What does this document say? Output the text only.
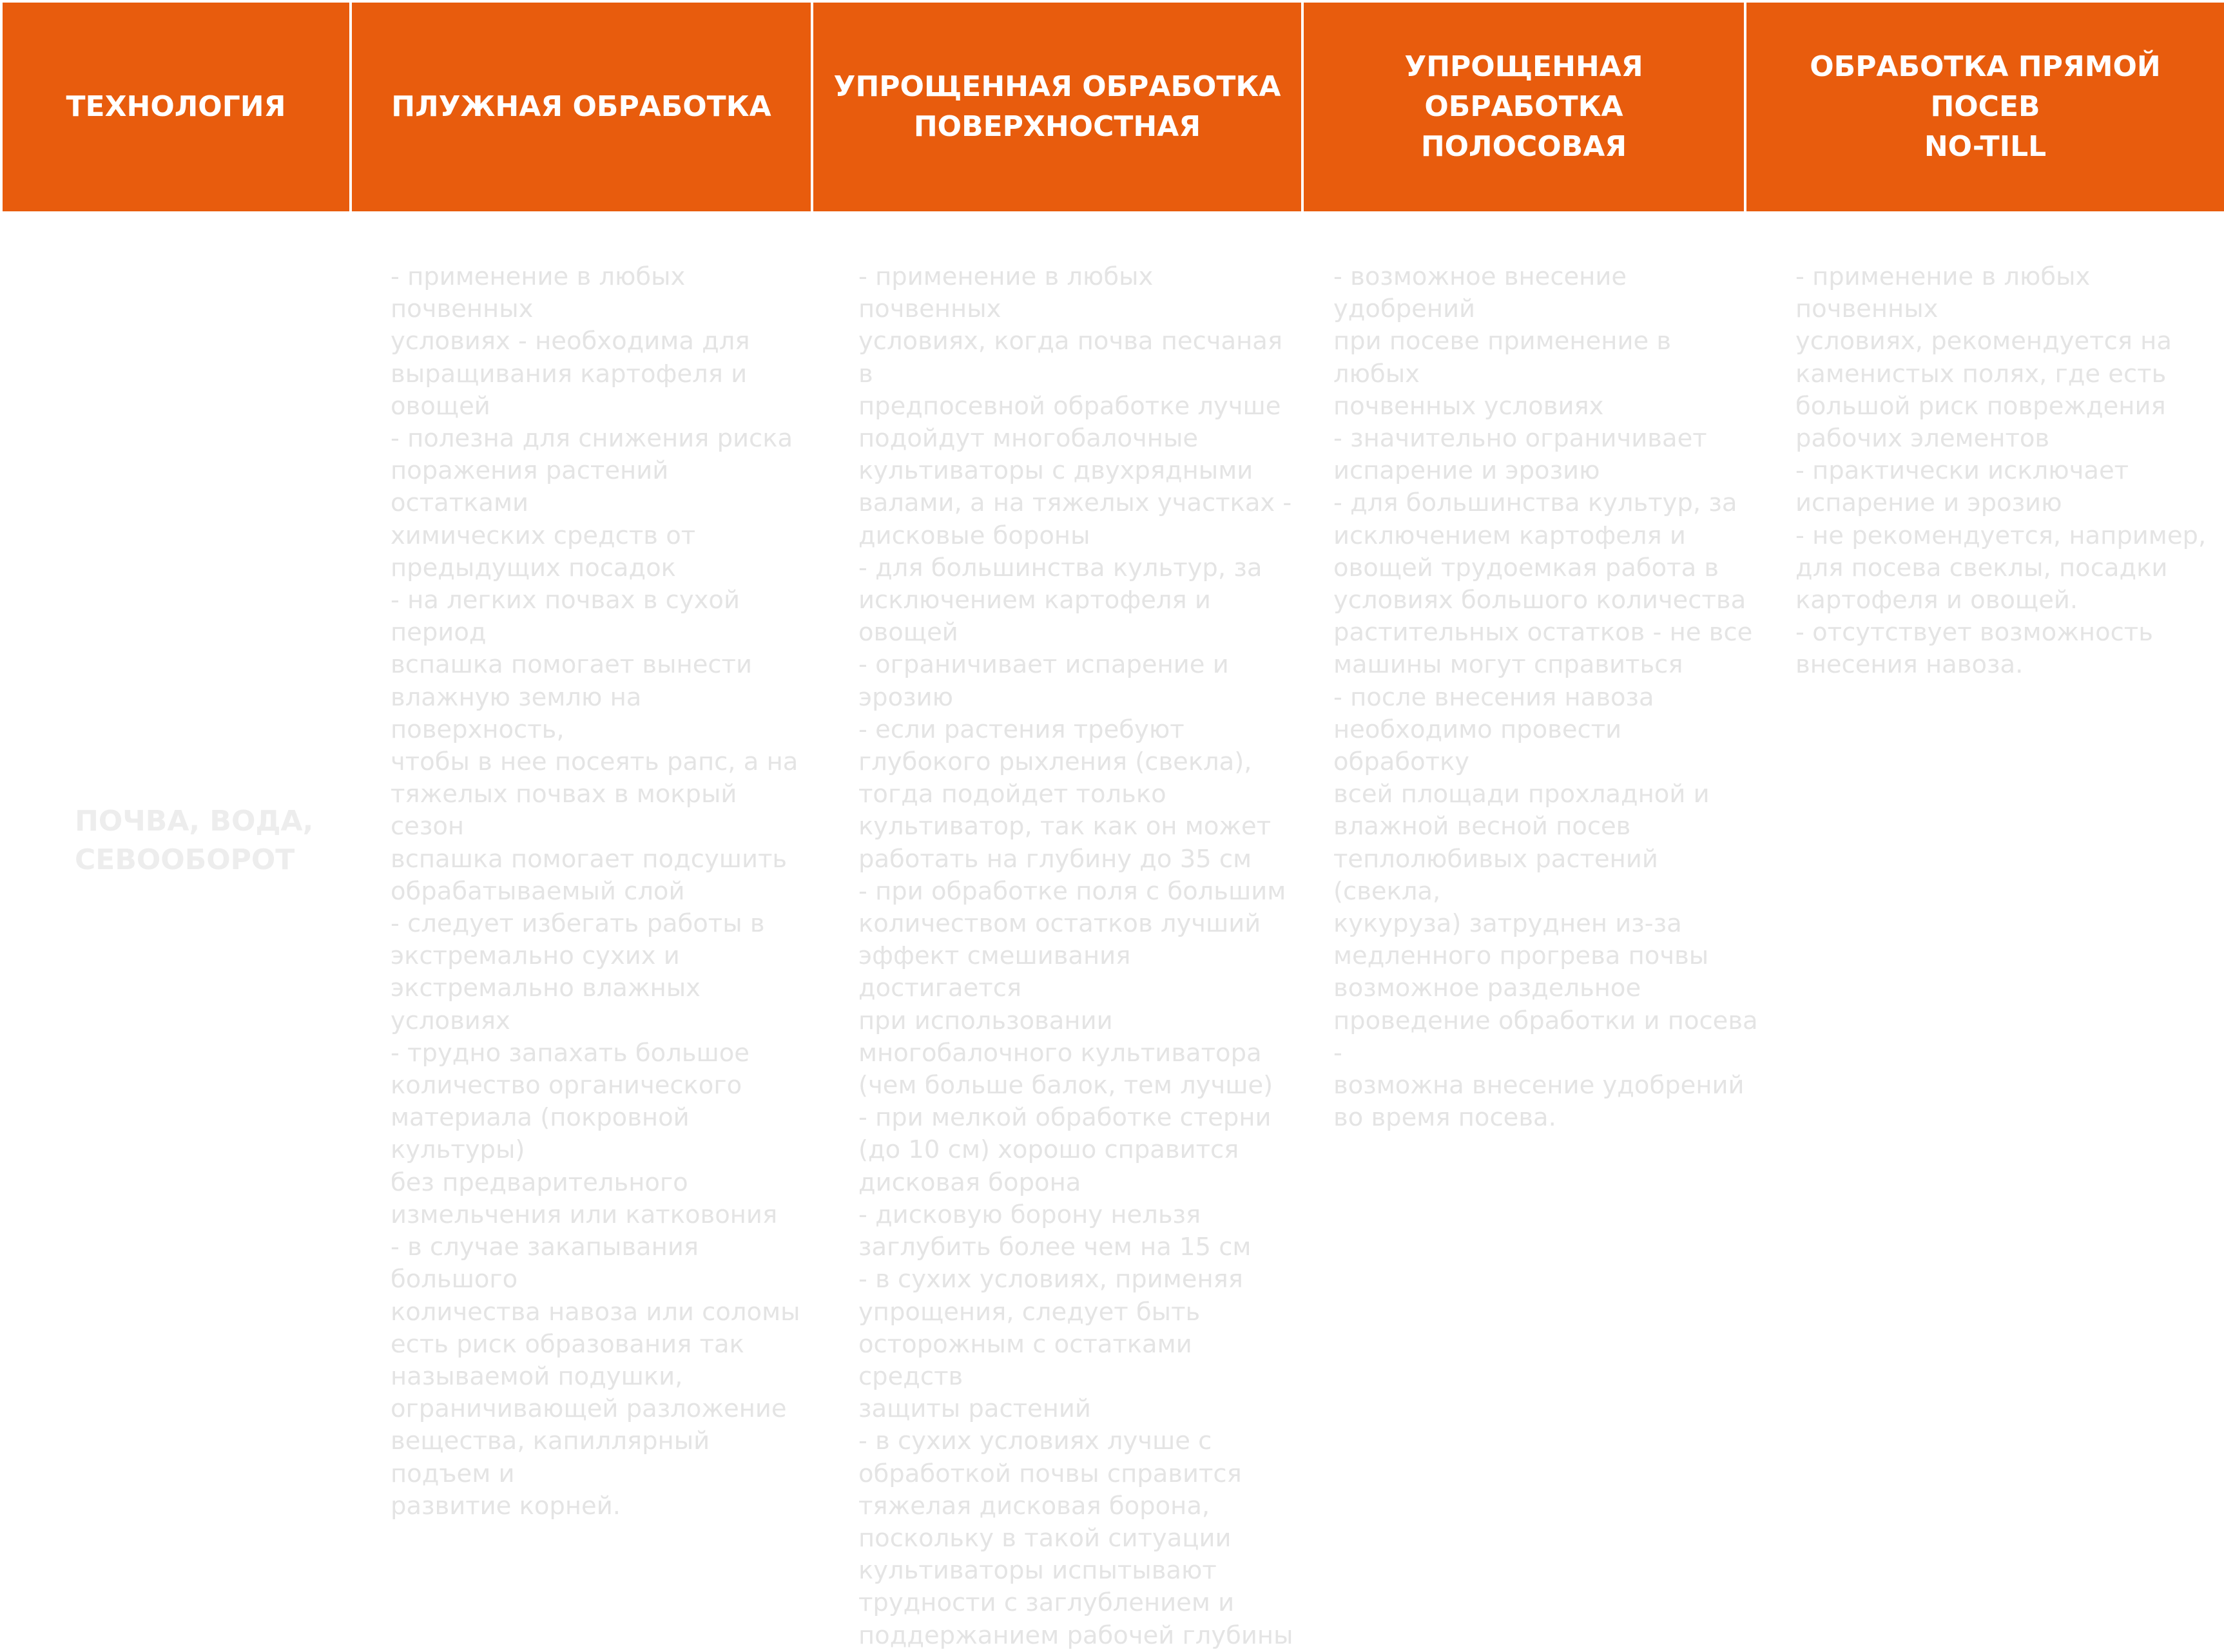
ТЕХНОЛОГИЯ	ПЛУЖНАЯ ОБРАБОТКА
УПРОЩЕННАЯ ОБРАБОТКА
ПОВЕРХНОСТНАЯ
УПРОЩЕННАЯ ОБРАБОТКА
ПОЛОСОВАЯ
ОБРАБОТКА ПРЯМОЙ ПОСЕВ
NO-TILL
ПОЧВА, ВОДА, СЕВООБОРОТ
- применение в любых почвенных
условиях - необходима для
выращивания картофеля и
овощей
- полезна для снижения риска
поражения растений остатками
химических средств от
предыдущих посадок
- на легких почвах в сухой период
вспашка помогает вынести
влажную землю на поверхность,
чтобы в нее посеять рапс, а на
тяжелых почвах в мокрый сезон
вспашка помогает подсушить
обрабатываемый слой
- следует избегать работы в
экстремально сухих и
экстремально влажных условиях
- трудно запахать большое
количество органического
материала (покровной культуры)
без предварительного
измельчения или катковония
- в случае закапывания большого
количества навоза или соломы
есть риск образования так
называемой подушки,
ограничивающей разложение
вещества, капиллярный подъем и
развитие корней.
- применение в любых почвенных
условиях, когда почва песчаная в
предпосевной обработке лучше
подойдут многобалочные
культиваторы с двухрядными
валами, а на тяжелых участках -
дисковые бороны
- для большинства культур, за
исключением картофеля и
овощей
- ограничивает испарение и
эрозию
- если растения требуют
глубокого рыхления (свекла),
тогда подойдет только
культиватор, так как он может
работать на глубину до 35 см
- при обработке поля с большим
количеством остатков лучший
эффект смешивания достигается
при использовании
многобалочного культиватора
(чем больше балок, тем лучше)
- при мелкой обработке стерни
(до 10 см) хорошо справится
дисковая борона
- дисковую борону нельзя
заглубить более чем на 15 см
- в сухих условиях, применяя
упрощения, следует быть
осторожным с остатками средств
защиты растений
- в сухих условиях лучше с
обработкой почвы справится
тяжелая дисковая борона,
поскольку в такой ситуации
культиваторы испытывают
трудности с заглублением и
поддержанием рабочей глубины
- возможное внесение удобрений
при посеве применение в любых
почвенных условиях
- значительно ограничивает
испарение и эрозию
- для большинства культур, за
исключением картофеля и
овощей трудоемкая работа в
условиях большого количества
растительных остатков - не все
машины могут справиться
- после внесения навоза
необходимо провести обработку
всей площади прохладной и
влажной весной посев
теплолюбивых растений (свекла,
кукуруза) затруднен из-за
медленного прогрева почвы
возможное раздельное
проведение обработки и посева -
возможна внесение удобрений
во время посева.
- применение в любых почвенных
условиях, рекомендуется на
каменистых полях, где есть
большой риск повреждения
рабочих элементов
- практически исключает
испарение и эрозию
- не рекомендуется, например,
для посева свеклы, посадки
картофеля и овощей.
- отсутствует возможность
внесения навоза.
